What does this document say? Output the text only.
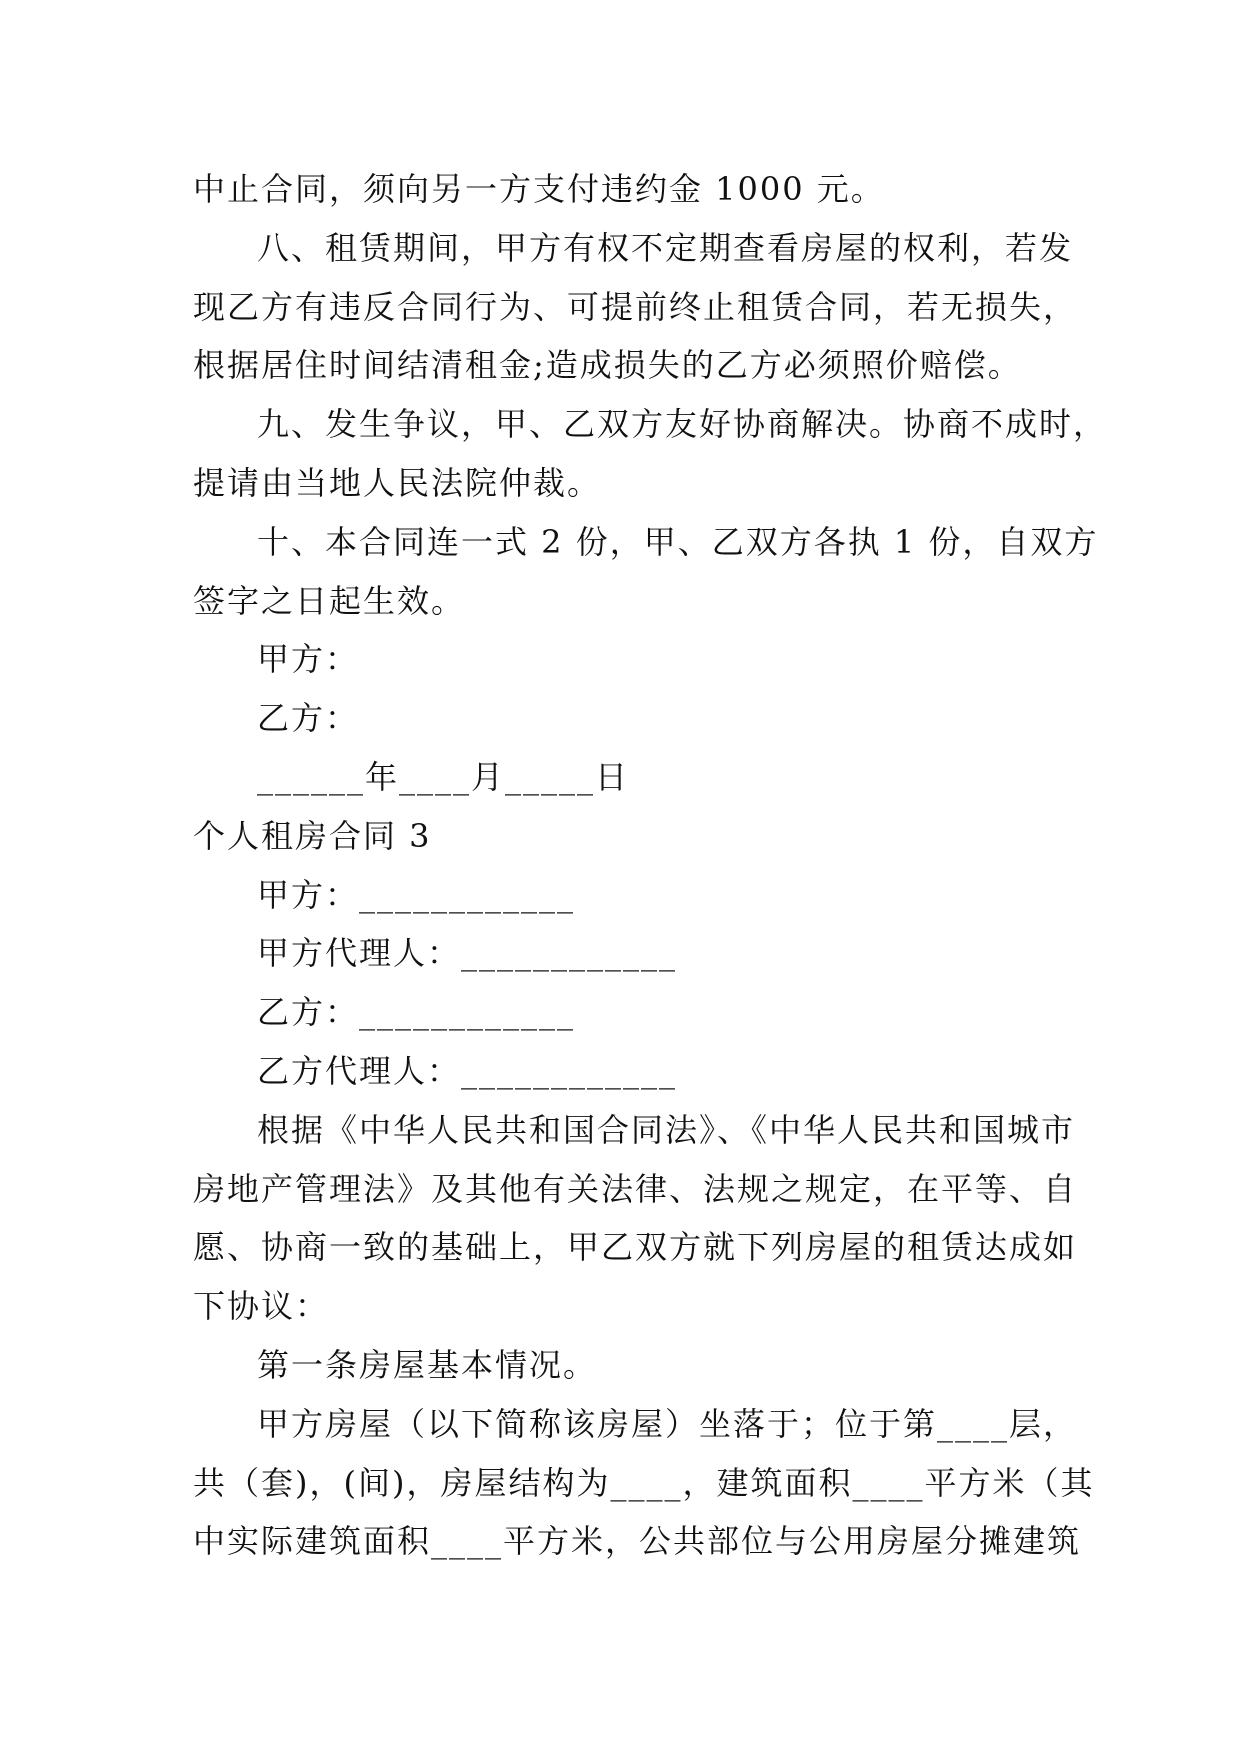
中止合同，须向另一方支付违约金 1000 元。
八、租赁期间，甲方有权不定期查看房屋的权利，若发
现乙方有违反合同行为、可提前终止租赁合同，若无损失，
根据居住时间结清租金;造成损失的乙方必须照价赔偿。
九、发生争议，甲、乙双方友好协商解决。协商不成时，
提请由当地人民法院仲裁。
十、本合同连一式 2 份，甲、乙双方各执 1 份，自双方
签字之日起生效。
甲方：
乙方：
______年____月_____日
个人租房合同 3
甲方：____________
甲方代理人：____________
乙方：____________
乙方代理人：____________
根据《中华人民共和国合同法》、《中华人民共和国城市
房地产管理法》及其他有关法律、法规之规定，在平等、自
愿、协商一致的基础上，甲乙双方就下列房屋的租赁达成如
下协议：
第一条房屋基本情况。
甲方房屋（以下简称该房屋）坐落于；位于第____层，
共（套)，(间)，房屋结构为____，建筑面积____平方米（其
中实际建筑面积____平方米，公共部位与公用房屋分摊建筑
